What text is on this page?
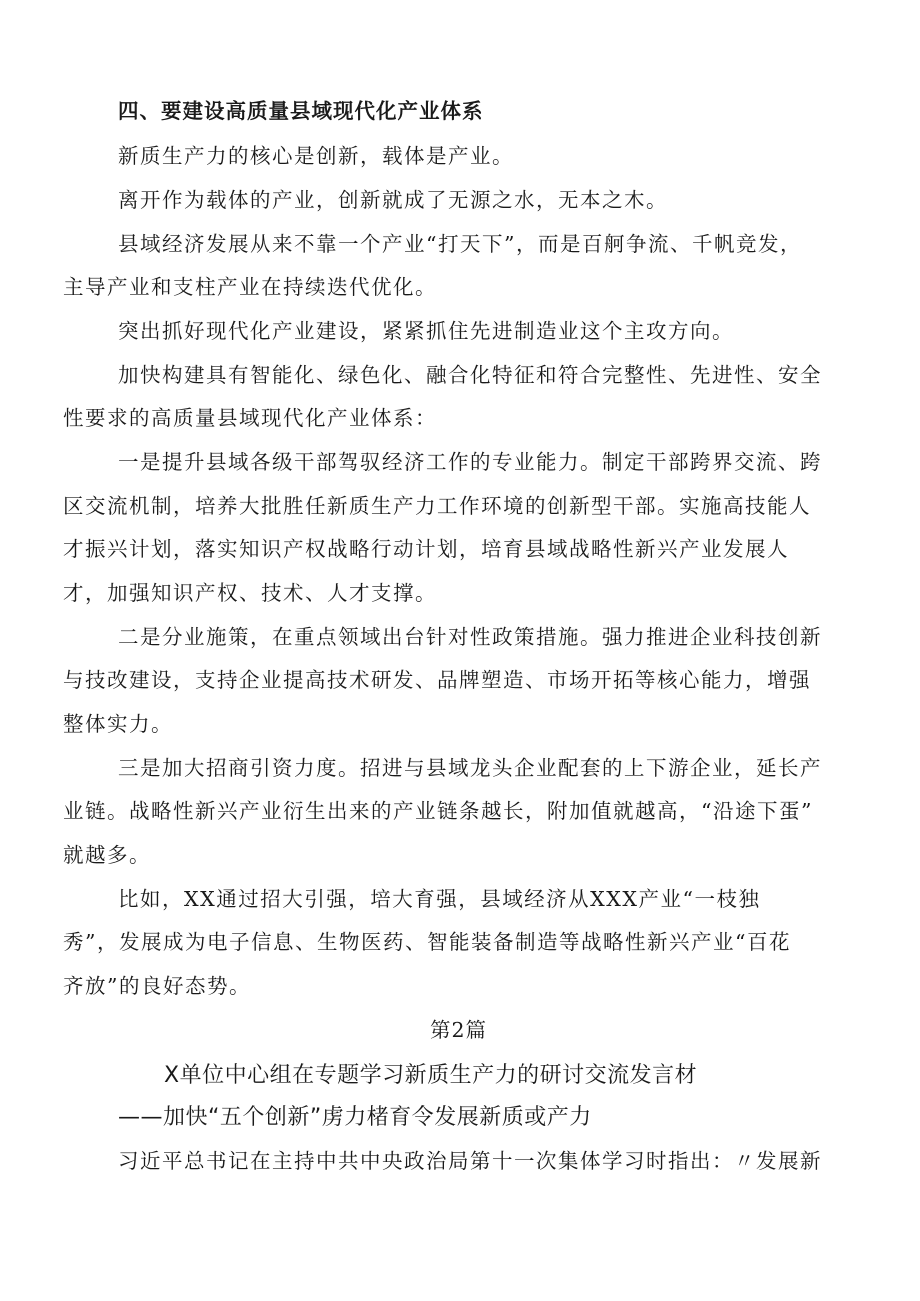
四、要建设高质量县域现代化产业体系
新质生产力的核心是创新，载体是产业。
离开作为载体的产业，创新就成了无源之水，无本之木。
县域经济发展从来不靠一个产业“打天下”，而是百舸争流、千帆竞发，
主导产业和支柱产业在持续迭代优化。
突出抓好现代化产业建设，紧紧抓住先进制造业这个主攻方向。
加快构建具有智能化、绿色化、融合化特征和符合完整性、先进性、安全
性要求的高质量县域现代化产业体系：
一是提升县域各级干部驾驭经济工作的专业能力。制定干部跨界交流、跨
区交流机制，培养大批胜任新质生产力工作环境的创新型干部。实施高技能人
才振兴计划，落实知识产权战略行动计划，培育县域战略性新兴产业发展人
才，加强知识产权、技术、人才支撑。
二是分业施策，在重点领域出台针对性政策措施。强力推进企业科技创新
与技改建设，支持企业提高技术研发、品牌塑造、市场开拓等核心能力，增强
整体实力。
三是加大招商引资力度。招进与县域龙头企业配套的上下游企业，延长产
业链。战略性新兴产业衍生出来的产业链条越长，附加值就越高，“沿途下蛋”
就越多。
比如，XX通过招大引强，培大育强，县域经济从XXX产业“一枝独
秀”，发展成为电子信息、生物医药、智能装备制造等战略性新兴产业“百花
齐放”的良好态势。
第2篇
X单位中心组在专题学习新质生产力的研讨交流发言材
——加快“五个创新”虏力楮育令发展新质或产力
习近平总书记在主持中共中央政治局第十一次集体学习时指出：〃发展新
